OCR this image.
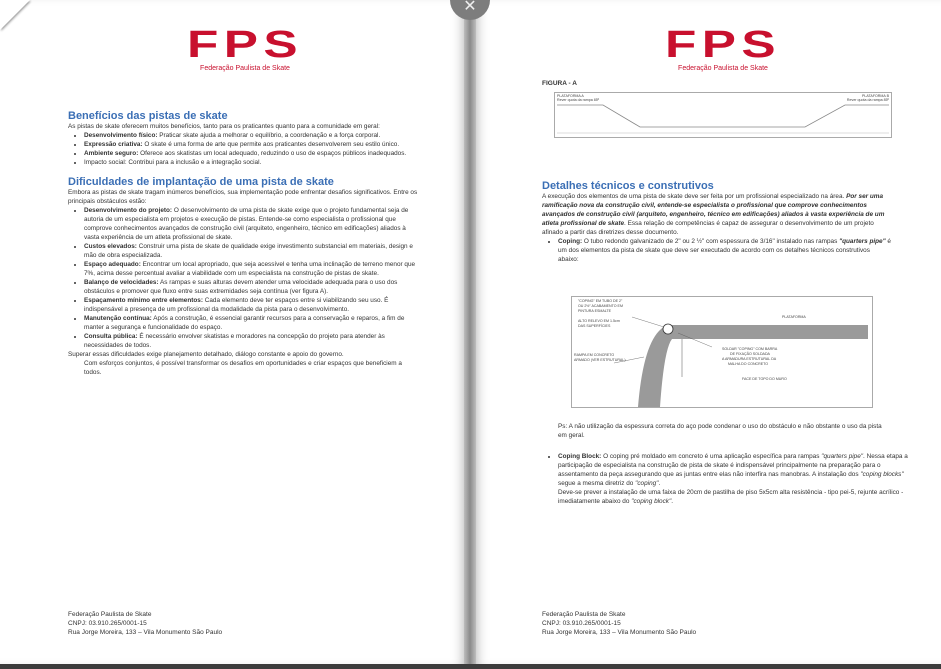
FPS
Federação Paulista de Skate
Benefícios das pistas de skate

As pistas de skate oferecem muitos benefícios, tanto para os praticantes quanto para a comunidade em geral:

• Desenvolvimento físico: Praticar skate ajuda a melhorar o equilíbrio, a coordenação e a força corporal.
• Expressão criativa: O skate é uma forma de arte que permite aos praticantes desenvolverem seu estilo único.
• Ambiente seguro: Oferece aos skatistas um local adequado, reduzindo o uso de espaços públicos inadequados.
• Impacto social: Contribui para a inclusão e a integração social.
Dificuldades de implantação de uma pista de skate

Embora as pistas de skate tragam inúmeros benefícios, sua implementação pode enfrentar desafios significativos. Entre os principais obstáculos estão:

• Desenvolvimento do projeto: O desenvolvimento de uma pista de skate exige que o projeto fundamental seja de autoria de um especialista em projetos e execução de pistas. Entende-se como especialista o profissional que comprove conhecimentos avançados de construção civil (arquiteto, engenheiro, técnico em edificações) aliados à vasta experiência de um atleta profissional de skate.
• Custos elevados: Construir uma pista de skate de qualidade exige investimento substancial em materiais, design e mão de obra especializada.
• Espaço adequado: Encontrar um local apropriado, que seja acessível e tenha uma inclinação de terreno menor que 7%, acima desse percentual avaliar a viabilidade com um especialista na construção de pistas de skate.
• Balanço de velocidades: As rampas e suas alturas devem atender uma velocidade adequada para o uso dos obstáculos e promover que fluxo entre suas extremidades seja contínua (ver figura A).
• Espaçamento mínimo entre elementos: Cada elemento deve ter espaços entre si viabilizando seu uso. É indispensável a presença de um profissional da modalidade da pista para o desenvolvimento.
• Manutenção contínua: Após a construção, é essencial garantir recursos para a conservação e reparos, a fim de manter a segurança e funcionalidade do espaço.
• Consulta pública: É necessário envolver skatistas e moradores na concepção do projeto para atender às necessidades de todos.

Superar essas dificuldades exige planejamento detalhado, diálogo constante e apoio do governo.

Com esforços conjuntos, é possível transformar os desafios em oportunidades e criar espaços que beneficiem a todos.

Federação Paulista de Skate
CNPJ: 03.910.265/0001-15
Rua Jorge Moreira, 133 – Vila Monumento São Paulo
FPS
Federação Paulista de Skate
FIGURA - A
PLATAFORMA A
Rever quota da rampa 85º
PLATAFORMA B
Rever quota da rampa 85º
Detalhes técnicos e construtivos

A execução dos elementos de uma pista de skate deve ser feita por um profissional especializado na área. Por ser uma ramificação nova da construção civil, entende-se especialista o profissional que comprove conhecimentos avançados de construção civil (arquiteto, engenheiro, técnico em edificações) aliados à vasta experiência de um atleta profissional de skate. Essa relação de competências é capaz de assegurar o desenvolvimento de um projeto afinado a partir das diretrizes desse documento.

• Coping: O tubo redondo galvanizado de 2" ou 2 ½" com espessura de 3/16" instalado nas rampas "quarters pipe" é um dos elementos da pista de skate que deve ser executado de acordo com os detalhes técnicos construtivos abaixo:
"COPING" EM TUBO DE 2"
OU 2½" ACABAMENTO EM
PINTURA ESMALTE
ALTO RELEVO EM 1.5cm
DAS SUPERFÍCIES
PLATAFORMA
RAMPA EM CONCRETO
ARMADO (VER ESTRUTURAL)
SOLDAR "COPING" COM BARRA
DE FIXAÇÃO SOLDADA
A ARMADURA ESTRUTURAL DA
MALHA DO CONCRETO
FACE DE TOPO DO MURO

Ps: A não utilização da espessura correta do aço pode condenar o uso do obstáculo e não obstante o uso da pista em geral.

• Coping Block: O coping pré moldado em concreto é uma aplicação específica para rampas "quarters pipe". Nessa etapa a participação de especialista na construção de pista de skate é indispensável principalmente na preparação para o assentamento da peça assegurando que as juntas entre elas não interfira nas manobras. A instalação dos "coping blocks" segue a mesma diretriz do "coping".
Deve-se prever a instalação de uma faixa de 20cm de pastilha de piso 5x5cm alta resistência - tipo pei-5, rejunte acrílico - imediatamente abaixo do "coping block".
Federação Paulista de Skate
CNPJ: 03.910.265/0001-15
Rua Jorge Moreira, 133 – Vila Monumento São Paulo
✕
